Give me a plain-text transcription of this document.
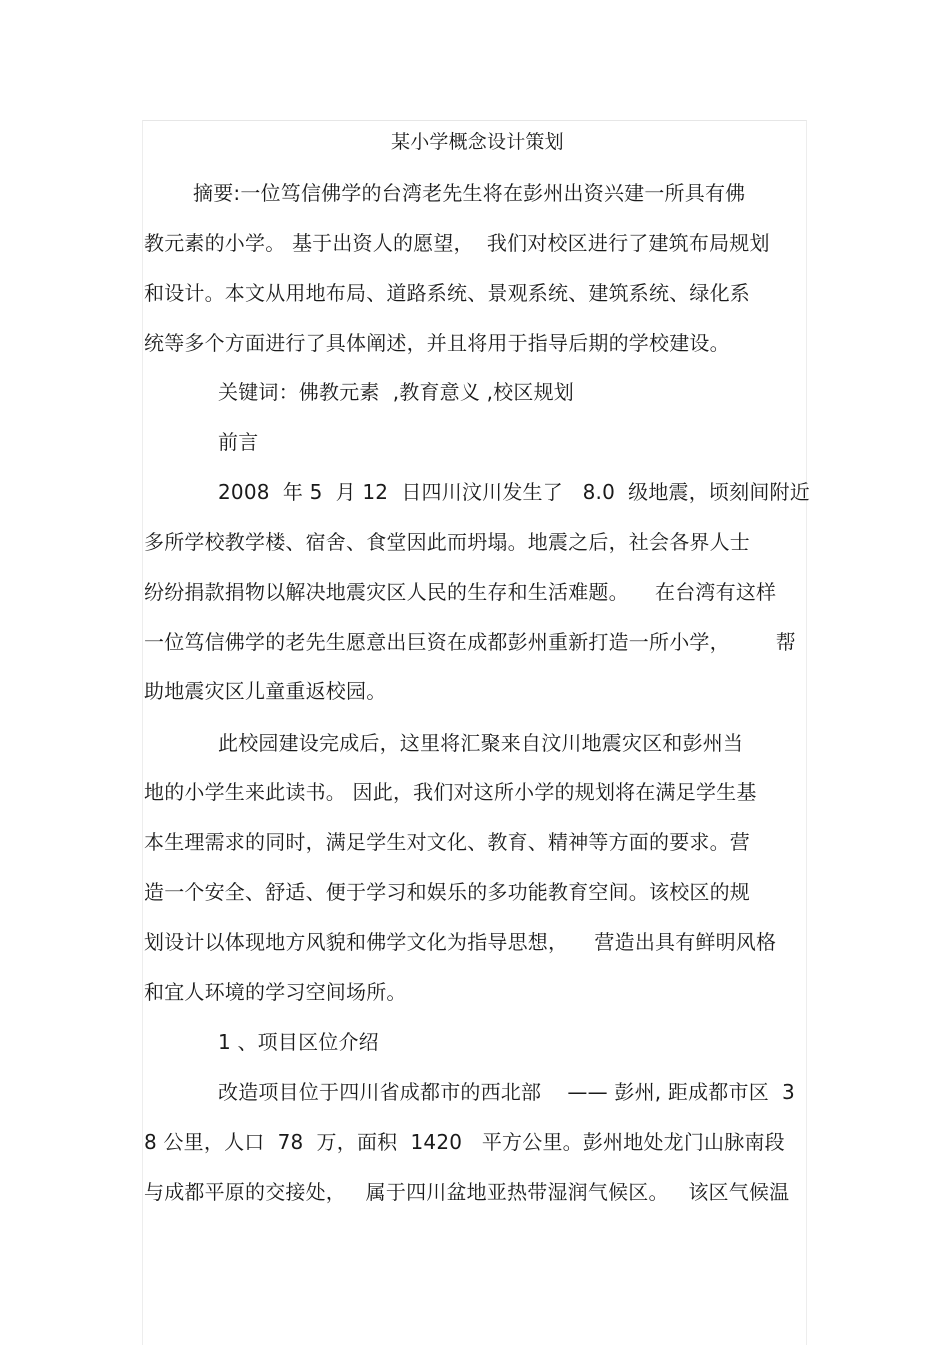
某小学概念设计策划
摘要:一位笃信佛学的台湾老先生将在彭州出资兴建一所具有佛
教元素的小学。 基于出资人的愿望，  我们对校区进行了建筑布局规划
和设计。本文从用地布局、道路系统、景观系统、建筑系统、绿化系
统等多个方面进行了具体阐述，并且将用于指导后期的学校建设。
关键词：佛教元素  ,教育意义 ,校区规划
前言
2008  年 5  月 12  日四川汶川发生了   8.0  级地震，顷刻间附近
多所学校教学楼、宿舍、食堂因此而坍塌。地震之后，社会各界人士
纷纷捐款捐物以解决地震灾区人民的生存和生活难题。    在台湾有这样
一位笃信佛学的老先生愿意出巨资在成都彭州重新打造一所小学，       帮
助地震灾区儿童重返校园。
此校园建设完成后，这里将汇聚来自汶川地震灾区和彭州当
地的小学生来此读书。 因此，我们对这所小学的规划将在满足学生基
本生理需求的同时，满足学生对文化、教育、精神等方面的要求。营
造一个安全、舒适、便于学习和娱乐的多功能教育空间。该校区的规
划设计以体现地方风貌和佛学文化为指导思想，    营造出具有鲜明风格
和宜人环境的学习空间场所。
1 、项目区位介绍
改造项目位于四川省成都市的西北部    —— 彭州, 距成都市区  3
8 公里，人口  78  万，面积  1420   平方公里。彭州地处龙门山脉南段
与成都平原的交接处，   属于四川盆地亚热带湿润气候区。   该区气候温
